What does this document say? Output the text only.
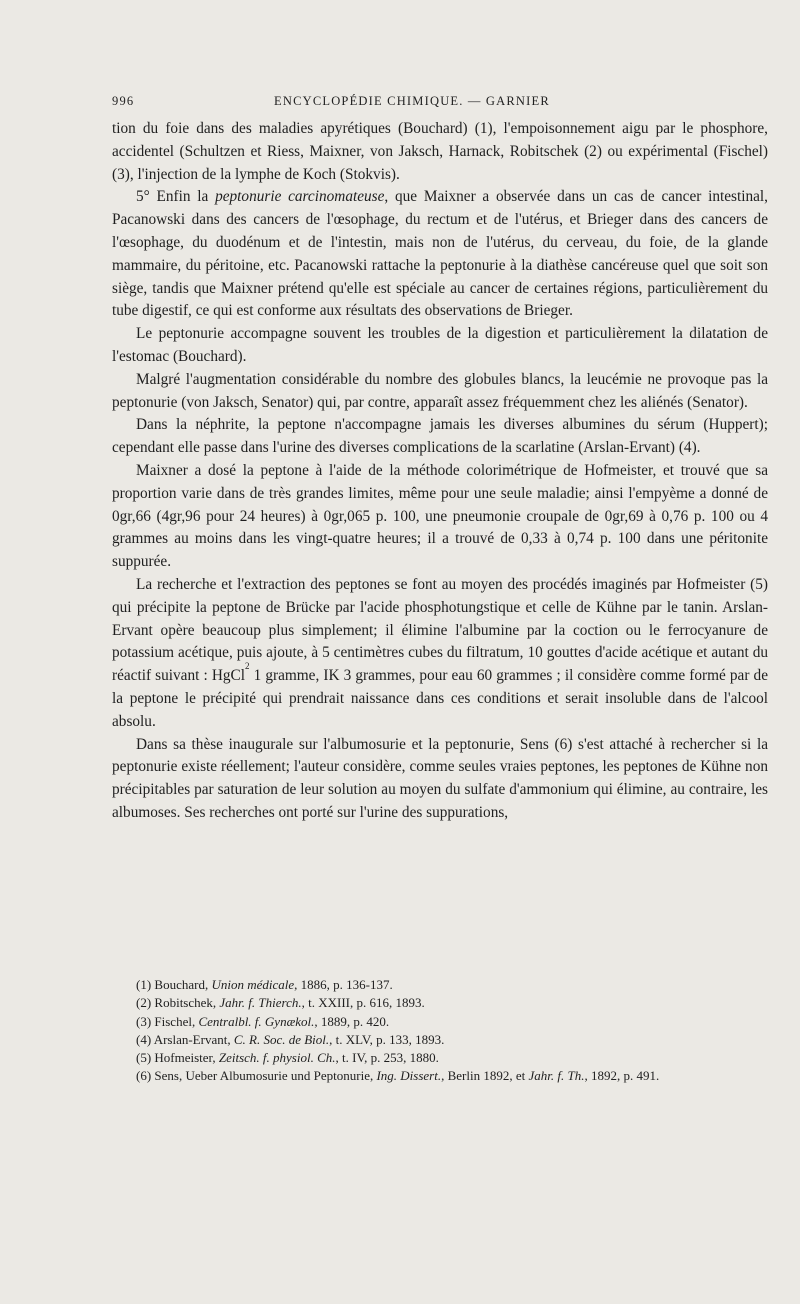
996	ENCYCLOPÉDIE CHIMIQUE. — GARNIER

tion du foie dans des maladies apyrétiques (Bouchard) (1), l'empoisonnement aigu par le phosphore, accidentel (Schultzen et Riess, Maixner, von Jaksch, Harnack, Robitschek (2) ou expérimental (Fischel) (3), l'injection de la lymphe de Koch (Stokvis).

5° Enfin la peptonurie carcinomateuse, que Maixner a observée dans un cas de cancer intestinal, Pacanowski dans des cancers de l'œsophage, du rectum et de l'utérus, et Brieger dans des cancers de l'œsophage, du duodénum et de l'intestin, mais non de l'utérus, du cerveau, du foie, de la glande mammaire, du péritoine, etc. Pacanowski rattache la peptonurie à la diathèse cancéreuse quel que soit son siège, tandis que Maixner prétend qu'elle est spéciale au cancer de certaines régions, particulièrement du tube digestif, ce qui est conforme aux résultats des observations de Brieger.

Le peptonurie accompagne souvent les troubles de la digestion et particulièrement la dilatation de l'estomac (Bouchard).

Malgré l'augmentation considérable du nombre des globules blancs, la leucémie ne provoque pas la peptonurie (von Jaksch, Senator) qui, par contre, apparaît assez fréquemment chez les aliénés (Senator).

Dans la néphrite, la peptone n'accompagne jamais les diverses albumines du sérum (Huppert); cependant elle passe dans l'urine des diverses complications de la scarlatine (Arslan-Ervant) (4).

Maixner a dosé la peptone à l'aide de la méthode colorimétrique de Hofmeister, et trouvé que sa proportion varie dans de très grandes limites, même pour une seule maladie; ainsi l'empyème a donné de 0gr,66 (4gr,96 pour 24 heures) à 0gr,065 p. 100, une pneumonie croupale de 0gr,69 à 0,76 p. 100 ou 4 grammes au moins dans les vingt-quatre heures; il a trouvé de 0,33 à 0,74 p. 100 dans une péritonite suppurée.

La recherche et l'extraction des peptones se font au moyen des procédés imaginés par Hofmeister (5) qui précipite la peptone de Brücke par l'acide phosphotungstique et celle de Kühne par le tanin. Arslan-Ervant opère beaucoup plus simplement; il élimine l'albumine par la coction ou le ferrocyanure de potassium acétique, puis ajoute, à 5 centimètres cubes du filtratum, 10 gouttes d'acide acétique et autant du réactif suivant : HgCl$^2$ 1 gramme, IK 3 grammes, pour eau 60 grammes ; il considère comme formé par de la peptone le précipité qui prendrait naissance dans ces conditions et serait insoluble dans de l'alcool absolu.

Dans sa thèse inaugurale sur l'albumosurie et la peptonurie, Sens (6) s'est attaché à rechercher si la peptonurie existe réellement; l'auteur considère, comme seules vraies peptones, les peptones de Kühne non précipitables par saturation de leur solution au moyen du sulfate d'ammonium qui élimine, au contraire, les albumoses. Ses recherches ont porté sur l'urine des suppurations,

(1) Bouchard, Union médicale, 1886, p. 136-137.

(2) Robitschek, Jahr. f. Thierch., t. XXIII, p. 616, 1893.

(3) Fischel, Centralbl. f. Gynækol., 1889, p. 420.

(4) Arslan-Ervant, C. R. Soc. de Biol., t. XLV, p. 133, 1893.

(5) Hofmeister, Zeitsch. f. physiol. Ch., t. IV, p. 253, 1880.

(6) Sens, Ueber Albumosurie und Peptonurie, Ing. Dissert., Berlin 1892, et Jahr. f. Th., 1892, p. 491.
